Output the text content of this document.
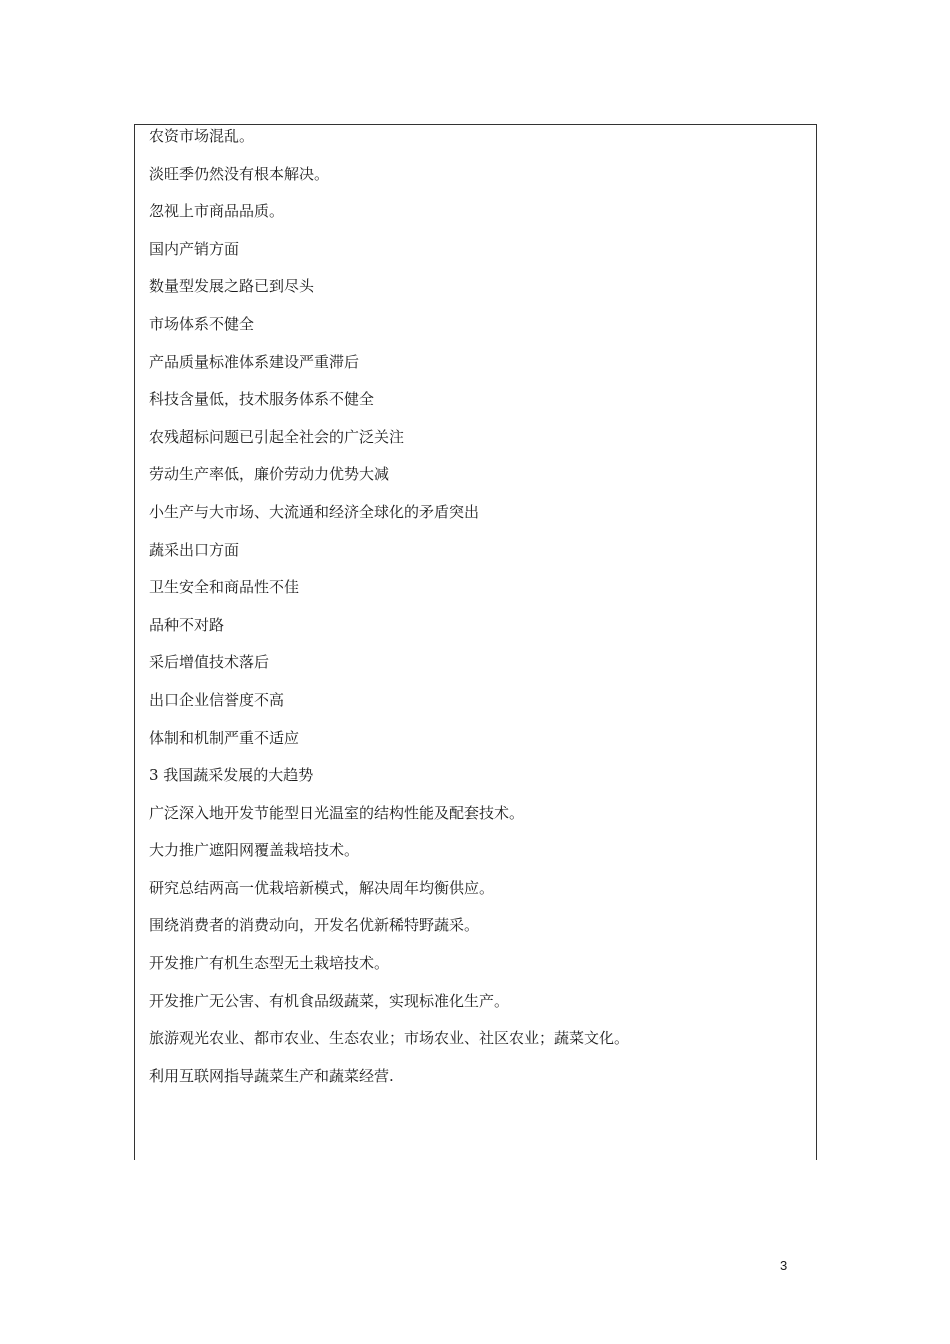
农资市场混乱。
淡旺季仍然没有根本解决。
忽视上市商品品质。
国内产销方面
数量型发展之路已到尽头
市场体系不健全
产品质量标准体系建设严重滞后
科技含量低，技术服务体系不健全
农残超标问题已引起全社会的广泛关注
劳动生产率低，廉价劳动力优势大减
小生产与大市场、大流通和经济全球化的矛盾突出
蔬采出口方面
卫生安全和商品性不佳
品种不对路
采后增值技术落后
出口企业信誉度不高
体制和机制严重不适应
3 我国蔬采发展的大趋势
广泛深入地开发节能型日光温室的结构性能及配套技术。
大力推广遮阳网覆盖栽培技术。
研究总结两高一优栽培新模式，解决周年均衡供应。
围绕消费者的消费动向，开发名优新稀特野蔬采。
开发推广有机生态型无土栽培技术。
开发推广无公害、有机食品级蔬菜，实现标准化生产。
旅游观光农业、都市农业、生态农业；市场农业、社区农业；蔬菜文化。
利用互联网指导蔬菜生产和蔬菜经营.
3
